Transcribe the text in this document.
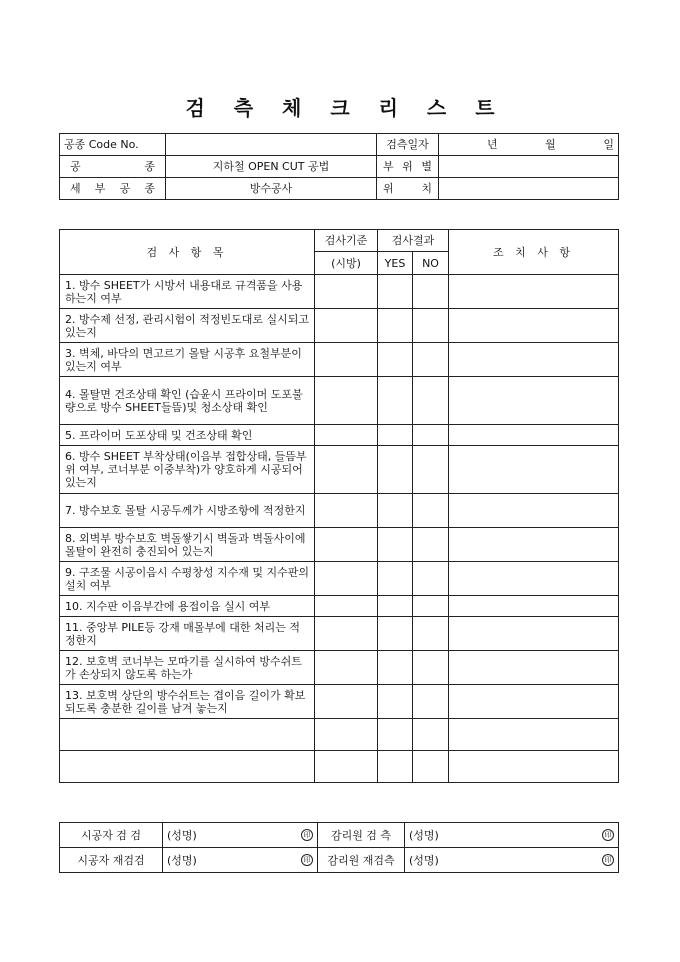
검 측 체 크 리 스 트
공종 Code No.		검측일자	년 월 일

공 종	지하철 OPEN CUT 공법	부 위 별	
세 부 공 종	방수공사	위 치	
검 사 항 목	검사기준	검사결과		조 치 사 항
	(시방)	YES	NO	
1. 방수 SHEET가 시방서 내용대로 규격품을 사용하는지 여부				
2. 방수제 선정, 관리시험이 적정빈도대로 실시되고 있는지				
3. 벽체, 바닥의 면고르기 몰탈 시공후 요철부분이 있는지 여부				
4. 몰탈면 건조상태 확인 (습윤시 프라이머 도포불량으로 방수 SHEET들뜸)및 청소상태 확인				
5. 프라이머 도포상태 및 건조상태 확인				
6. 방수 SHEET 부착상태(이음부 접합상태, 들뜸부위 여부, 코너부분 이중부착)가 양호하게 시공되어 있는지				
7. 방수보호 몰탈 시공두께가 시방조항에 적정한지				
8. 외벽부 방수보호 벽돌쌓기시 벽돌과 벽돌사이에 몰탈이 완전히 충진되어 있는지				
9. 구조물 시공이음시 수평창성 지수재 및 지수판의 설치 여부				
10. 지수판 이음부간에 용접이음 실시 여부				
11. 중앙부 PILE등 강재 매몰부에 대한 처리는 적정한지				
12. 보호벽 코너부는 모따기를 실시하여 방수쉬트가 손상되지 않도록 하는가				
13. 보호벽 상단의 방수쉬트는 겹이음 길이가 확보되도록 충분한 길이를 남겨 놓는지				

시공자 검 검	(성명) 印	감리원 검 측	(성명) 印

시공자 재검검	(성명) 印	감리원 재검측	(성명) 印
